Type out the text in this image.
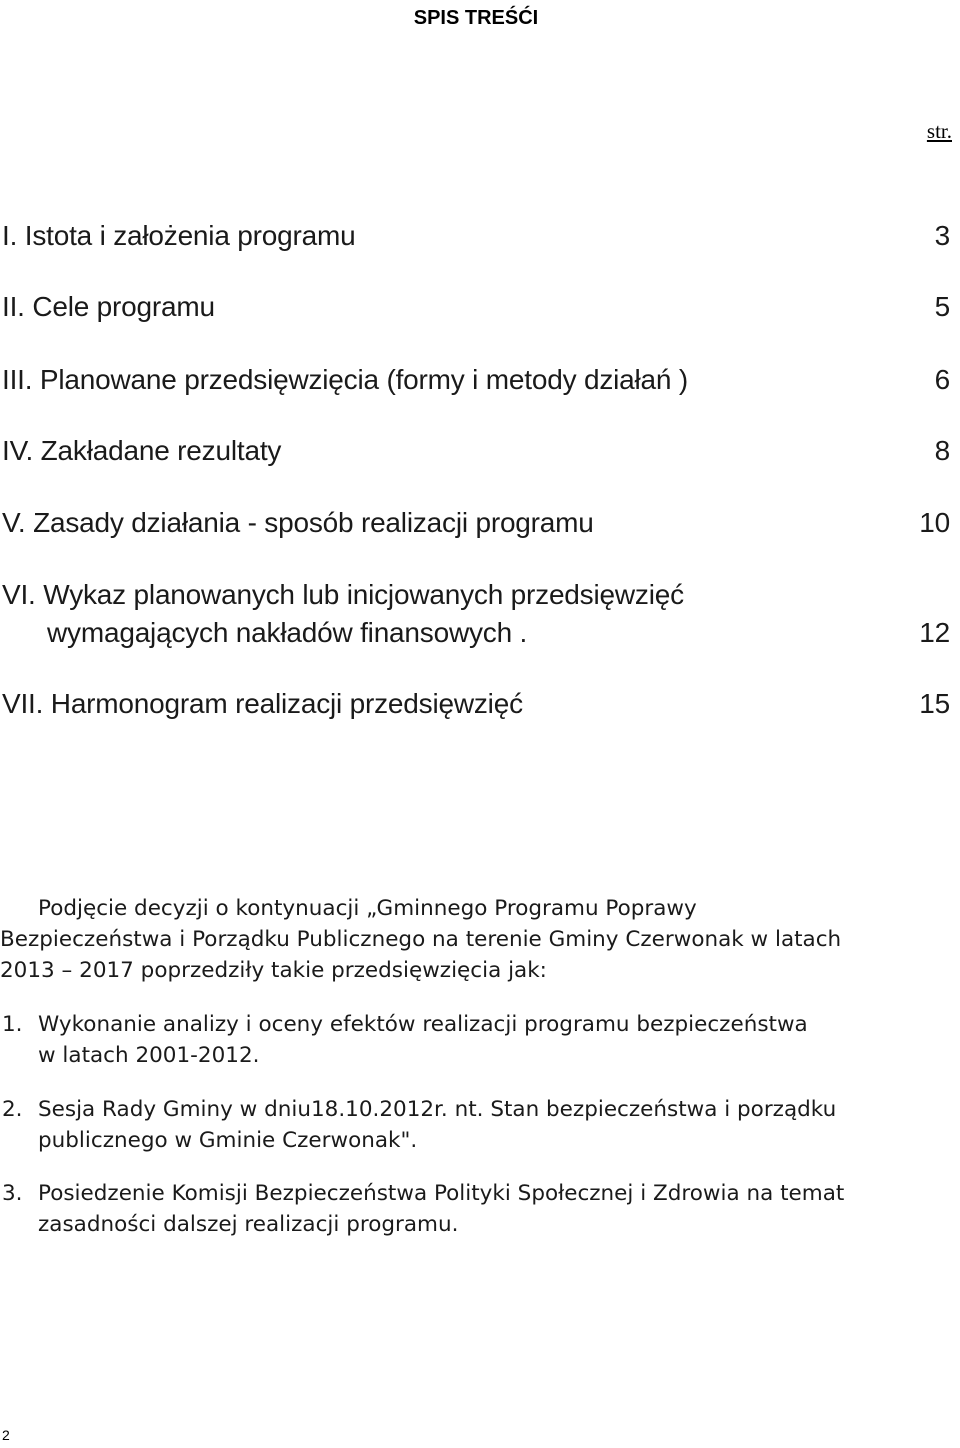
SPIS TREŚĆI
str.
I. Istota i założenia programu	3
II. Cele programu	5
III. Planowane przedsięwzięcia (formy i metody działań )	6
IV. Zakładane rezultaty	8
V. Zasady działania - sposób realizacji programu	10
VI. Wykaz planowanych lub inicjowanych przedsięwzięć
wymagających nakładów finansowych .	12
VII. Harmonogram realizacji przedsięwzięć	15
Podjęcie decyzji o kontynuacji „Gminnego Programu Poprawy
Bezpieczeństwa i Porządku Publicznego na terenie Gminy Czerwonak w latach
2013 – 2017 poprzedziły takie przedsięwzięcia jak:
1. Wykonanie analizy i oceny efektów realizacji programu bezpieczeństwa
w latach 2001-2012.
2. Sesja Rady Gminy w dniu18.10.2012r. nt. Stan bezpieczeństwa i porządku
publicznego w Gminie Czerwonak".
3. Posiedzenie Komisji Bezpieczeństwa Polityki Społecznej i Zdrowia na temat
zasadności dalszej realizacji programu.
2
